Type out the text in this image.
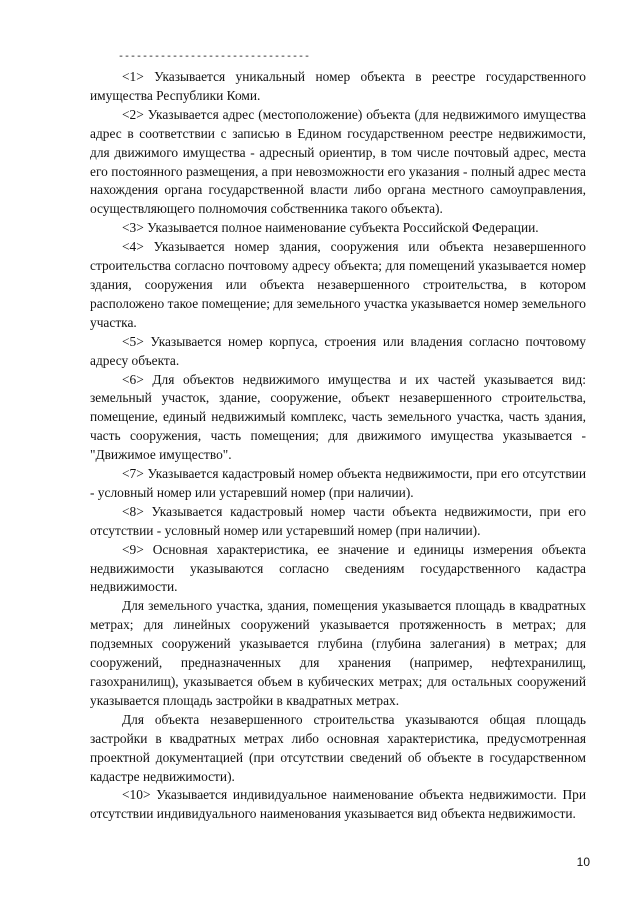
--------------------------------

<1> Указывается уникальный номер объекта в реестре государственного имущества Республики Коми.

<2> Указывается адрес (местоположение) объекта (для недвижимого имущества адрес в соответствии с записью в Едином государственном реестре недвижимости, для движимого имущества - адресный ориентир, в том числе почтовый адрес, места его постоянного размещения, а при невозможности его указания - полный адрес места нахождения органа государственной власти либо органа местного самоуправления, осуществляющего полномочия собственника такого объекта).

<3> Указывается полное наименование субъекта Российской Федерации.

<4> Указывается номер здания, сооружения или объекта незавершенного строительства согласно почтовому адресу объекта; для помещений указывается номер здания, сооружения или объекта незавершенного строительства, в котором расположено такое помещение; для земельного участка указывается номер земельного участка.

<5> Указывается номер корпуса, строения или владения согласно почтовому адресу объекта.

<6> Для объектов недвижимого имущества и их частей указывается вид: земельный участок, здание, сооружение, объект незавершенного строительства, помещение, единый недвижимый комплекс, часть земельного участка, часть здания, часть сооружения, часть помещения; для движимого имущества указывается - "Движимое имущество".

<7> Указывается кадастровый номер объекта недвижимости, при его отсутствии - условный номер или устаревший номер (при наличии).

<8> Указывается кадастровый номер части объекта недвижимости, при его отсутствии - условный номер или устаревший номер (при наличии).

<9> Основная характеристика, ее значение и единицы измерения объекта недвижимости указываются согласно сведениям государственного кадастра недвижимости.

Для земельного участка, здания, помещения указывается площадь в квадратных метрах; для линейных сооружений указывается протяженность в метрах; для подземных сооружений указывается глубина (глубина залегания) в метрах; для сооружений, предназначенных для хранения (например, нефтехранилищ, газохранилищ), указывается объем в кубических метрах; для остальных сооружений указывается площадь застройки в квадратных метрах.

Для объекта незавершенного строительства указываются общая площадь застройки в квадратных метрах либо основная характеристика, предусмотренная проектной документацией (при отсутствии сведений об объекте в государственном кадастре недвижимости).

<10> Указывается индивидуальное наименование объекта недвижимости. При отсутствии индивидуального наименования указывается вид объекта недвижимости.

10
